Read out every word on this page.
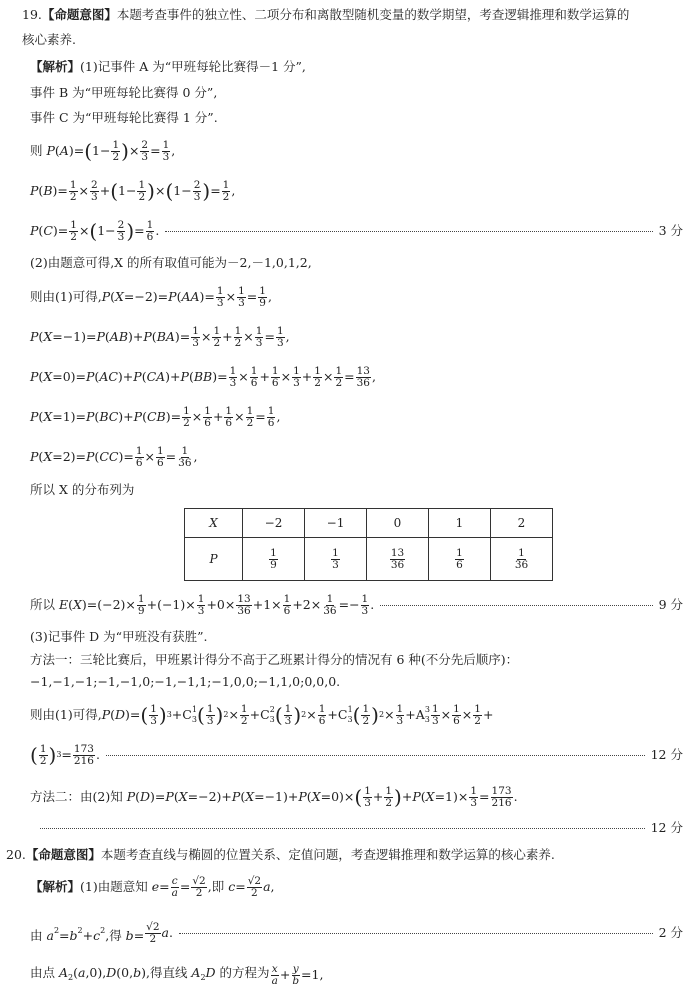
19. 【命题意图】 本题考查事件的独立性、二项分布和离散型随机变量的数学期望，考查逻辑推理和数学运算的
核心素养.
【解析】 (1)记事件 A 为“甲班每轮比赛得－1 分”,
事件 B 为“甲班每轮比赛得 0 分”,
事件 C 为“甲班每轮比赛得 1 分”.
则 P(A)= ( $1- \frac{1}{2}$ ) × $\frac{2}{3} = \frac{1}{3}$ ,
$P(B)= \frac{1}{2} \times \frac{2}{3}$ + ( $1- \frac{1}{2}$ ) × ( $1- \frac{2}{3}$ ) = $\frac{1}{2}$ ,
$P(C)= \frac{1}{2}$ × ( $1- \frac{2}{3}$ ) = $\frac{1}{6}$ .	3 分
(2)由题意可得,X 的所有取值可能为－2,－1,0,1,2,
则由(1)可得$,P(X=-2)=P(AA)= \frac{1}{3} \times \frac{1}{3} = \frac{1}{9}$ ,
$P(X=-1)=P(AB)+P(BA)= \frac{1}{3} \times \frac{1}{2} + \frac{1}{2} \times \frac{1}{3} = \frac{1}{3}$ ,
$P(X=0)=P(AC)+P(CA)+P(BB)= \frac{1}{3} \times \frac{1}{6} + \frac{1}{6} \times \frac{1}{3} + \frac{1}{2} \times \frac{1}{2} = \frac{13}{36}$ ,
$P(X=1)=P(BC)+P(CB)= \frac{1}{2} \times \frac{1}{6} + \frac{1}{6} \times \frac{1}{2} = \frac{1}{6}$ ,
$P(X=2)=P(CC)= \frac{1}{6} \times \frac{1}{6} = \frac{1}{36}$ ,
所以 X 的分布列为
X	−2	−1	0	1	2
P	$\frac{1}{9}$	$\frac{1}{3}$	$\frac{13}{36}$	$\frac{1}{6}$	$\frac{1}{36}$
所以 $E(X)=(-2)\times \frac{1}{9} +(-1)\times \frac{1}{3} +0\times \frac{13}{36} +1\times \frac{1}{6} +2\times \frac{1}{36} =- \frac{1}{3}$ .	9 分
(3)记事件 D 为“甲班没有获胜”.
方法一：三轮比赛后，甲班累计得分不高于乙班累计得分的情况有 6 种(不分先后顺序)：
−1,−1,−1;−1,−1,0;−1,−1,1;−1,0,0;−1,1,0;0,0,0.
则由(1)可得,P(D)= ( $\frac{1}{3}$ ) $3 +C_3^1$ ( $\frac{1}{3}$ ) $2 \times \frac{1}{2} +C_3^2$ ( $\frac{1}{3}$ ) $2 \times \frac{1}{6} +C_3^1$ ( $\frac{1}{2}$ ) $2 \times \frac{1}{3} +A_3^3 \frac{1}{3} \times \frac{1}{6} \times \frac{1}{2}$ +
( $\frac{1}{2}$ ) $3 = \frac{173}{216}$ .	12 分
方法二：由(2)知 P(D)=P(X=−2)+P(X=−1)+P(X=0)× ( $\frac{1}{3} + \frac{1}{2}$ ) $+P(X=1)\times \frac{1}{3} = \frac{173}{216}$ .
12 分
20. 【命题意图】 本题考查直线与椭圆的位置关系、定值问题，考查逻辑推理和数学运算的核心素养.
【解析】 (1)由题意知 $e= \frac{c}{a} = \frac{√2}{2}$ ,即 $c= \frac{√2}{2}$ a ,
由 $a^2=b^2+c^2$,得 $b= \frac{√2}{2}$ a .	2 分
由点 $A_2(a,0),D(0,b)$,得直线 $A_2D$ 的方程为 $\frac{x}{a} + \frac{y}{b} =1$,
